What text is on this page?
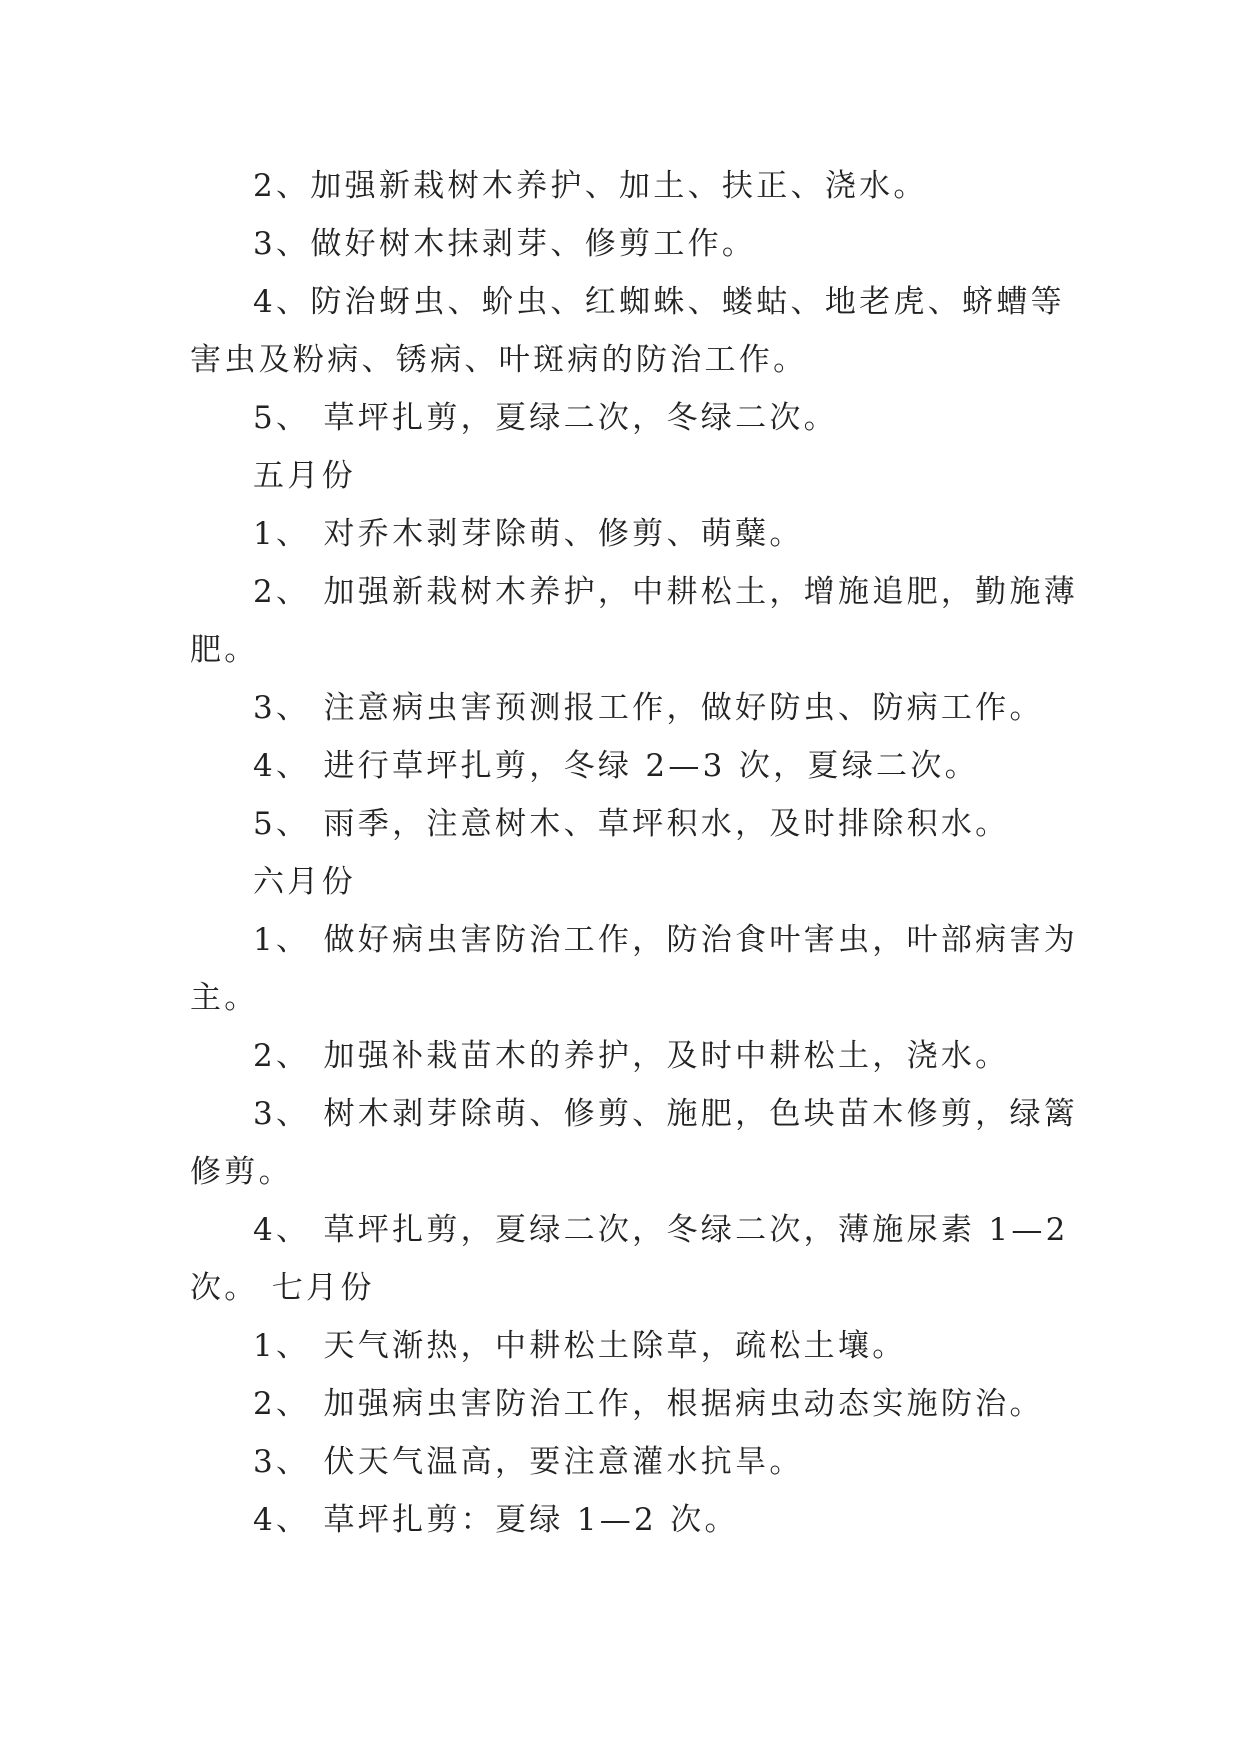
2、加强新栽树木养护、加土、扶正、浇水。
3、做好树木抹剥芽、修剪工作。
4、防治蚜虫、蚧虫、红蜘蛛、蝼蛄、地老虎、蛴螬等
害虫及粉病、锈病、叶斑病的防治工作。
5、 草坪扎剪，夏绿二次，冬绿二次。
五月份
1、 对乔木剥芽除萌、修剪、萌糵。
2、 加强新栽树木养护，中耕松土，增施追肥，勤施薄
肥。
3、 注意病虫害预测报工作，做好防虫、防病工作。
4、 进行草坪扎剪，冬绿 2—3 次，夏绿二次。
5、 雨季，注意树木、草坪积水，及时排除积水。
六月份
1、 做好病虫害防治工作，防治食叶害虫，叶部病害为
主。
2、 加强补栽苗木的养护，及时中耕松土，浇水。
3、 树木剥芽除萌、修剪、施肥，色块苗木修剪，绿篱
修剪。
4、 草坪扎剪，夏绿二次，冬绿二次，薄施尿素 1—2
次。 七月份
1、 天气渐热，中耕松土除草，疏松土壤。
2、 加强病虫害防治工作，根据病虫动态实施防治。
3、 伏天气温高，要注意灌水抗旱。
4、 草坪扎剪：夏绿 1—2 次。
